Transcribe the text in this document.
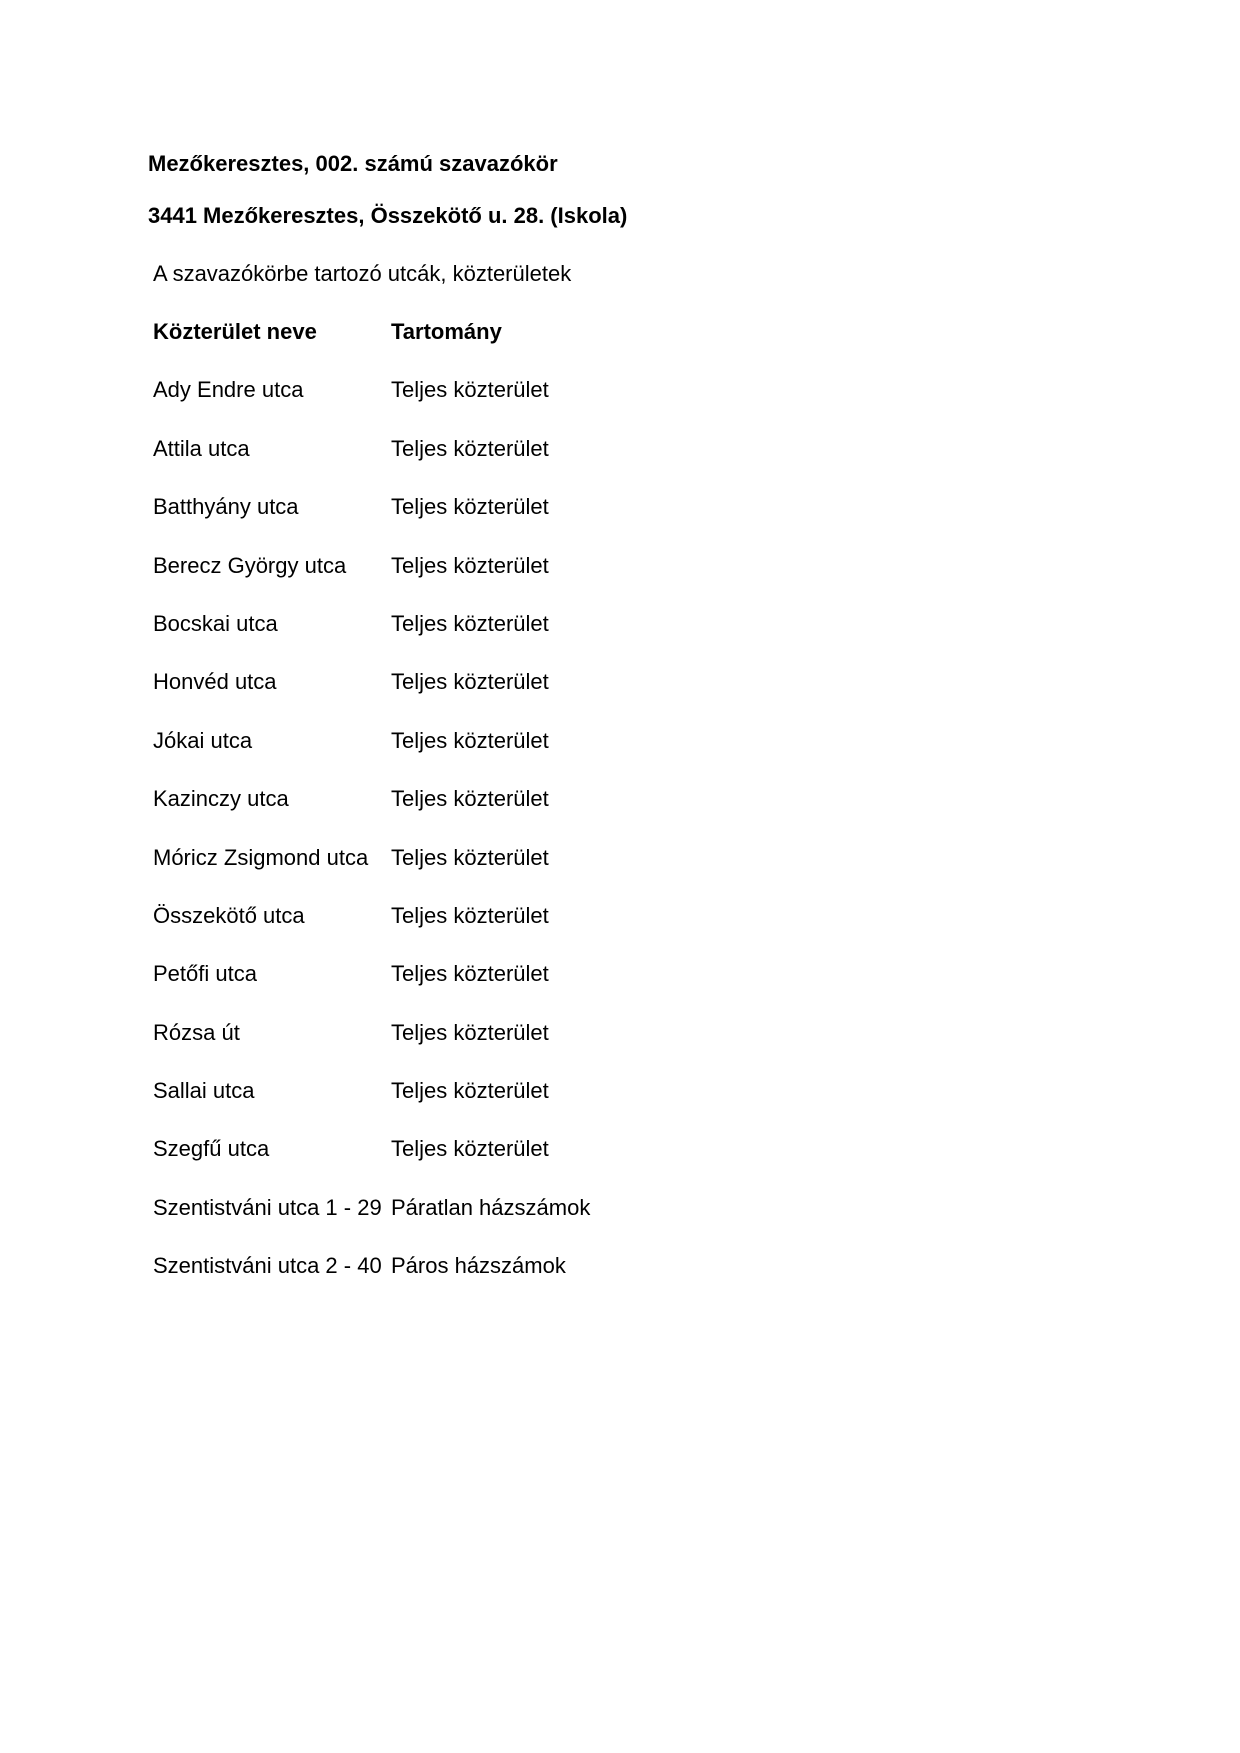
Mezőkeresztes, 002. számú szavazókör
3441 Mezőkeresztes, Összekötő u. 28. (Iskola)
A szavazókörbe tartozó utcák, közterületek
Közterület neve	Tartomány
Ady Endre utca	Teljes közterület
Attila utca	Teljes közterület
Batthyány utca	Teljes közterület
Berecz György utca Teljes közterület
Bocskai utca	Teljes közterület
Honvéd utca	Teljes közterület
Jókai utca	Teljes közterület
Kazinczy utca	Teljes közterület
Móricz Zsigmond utca Teljes közterület
Összekötő utca	Teljes közterület
Petőfi utca	Teljes közterület
Rózsa út	Teljes közterület
Sallai utca	Teljes közterület
Szegfű utca	Teljes közterület
Szentistváni utca 1 - 29 Páratlan házszámok
Szentistváni utca 2 - 40 Páros házszámok
